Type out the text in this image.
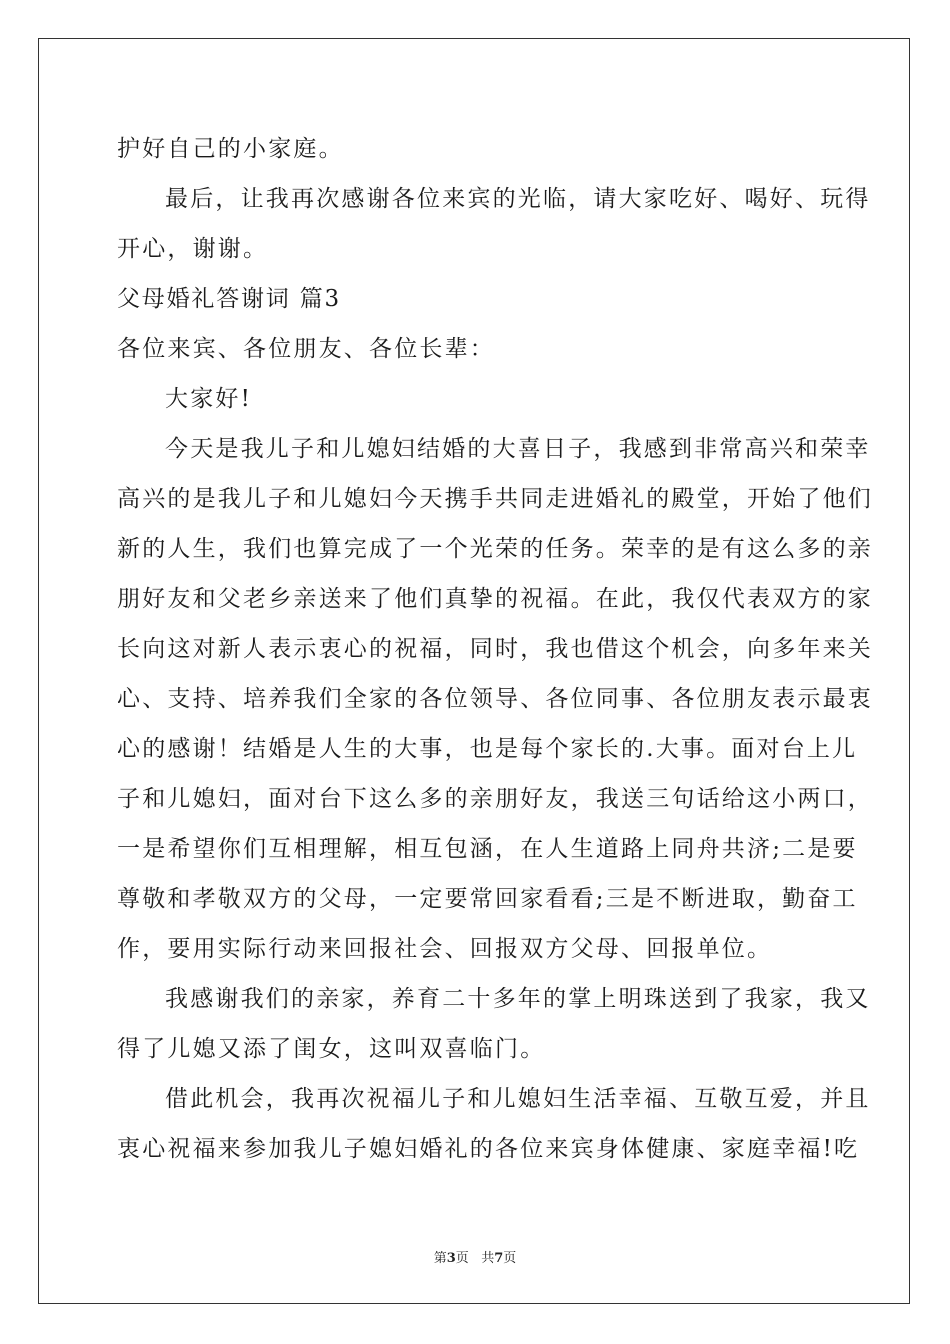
护好自己的小家庭。
最后，让我再次感谢各位来宾的光临，请大家吃好、喝好、玩得
开心，谢谢。
父母婚礼答谢词 篇3
各位来宾、各位朋友、各位长辈：
大家好!
今天是我儿子和儿媳妇结婚的大喜日子，我感到非常高兴和荣幸
高兴的是我儿子和儿媳妇今天携手共同走进婚礼的殿堂，开始了他们
新的人生，我们也算完成了一个光荣的任务。荣幸的是有这么多的亲
朋好友和父老乡亲送来了他们真挚的祝福。在此，我仅代表双方的家
长向这对新人表示衷心的祝福，同时，我也借这个机会，向多年来关
心、支持、培养我们全家的各位领导、各位同事、各位朋友表示最衷
心的感谢！结婚是人生的大事，也是每个家长的.大事。面对台上儿
子和儿媳妇，面对台下这么多的亲朋好友，我送三句话给这小两口，
一是希望你们互相理解，相互包涵，在人生道路上同舟共济;二是要
尊敬和孝敬双方的父母，一定要常回家看看;三是不断进取，勤奋工
作，要用实际行动来回报社会、回报双方父母、回报单位。
我感谢我们的亲家，养育二十多年的掌上明珠送到了我家，我又
得了儿媳又添了闺女，这叫双喜临门。
借此机会，我再次祝福儿子和儿媳妇生活幸福、互敬互爱，并且
衷心祝福来参加我儿子媳妇婚礼的各位来宾身体健康、家庭幸福!吃
第3页   共7页
